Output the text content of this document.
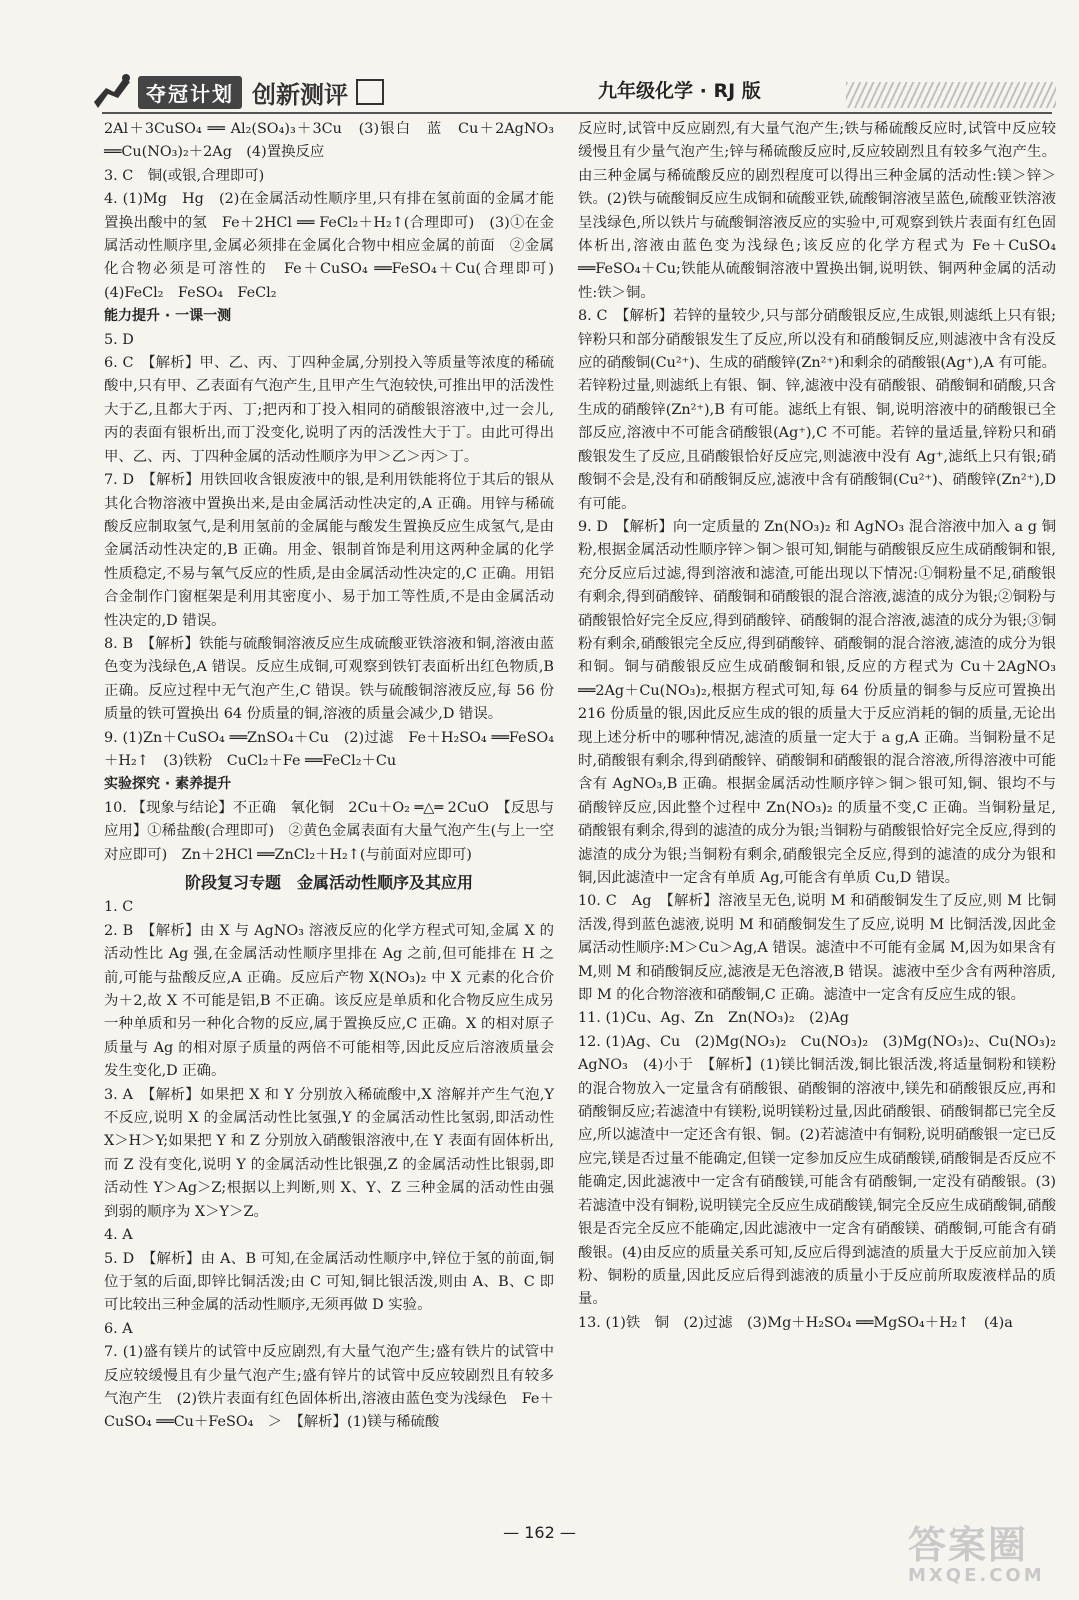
夺冠计划 创新测评	九年级化学 · RJ 版
2Al＋3CuSO₄ ══ Al₂(SO₄)₃＋3Cu　(3)银白　蓝　Cu＋2AgNO₃ ══Cu(NO₃)₂＋2Ag　(4)置换反应
3. C　铜(或银,合理即可)
4. (1)Mg　Hg　(2)在金属活动性顺序里,只有排在氢前面的金属才能置换出酸中的氢　Fe＋2HCl ══ FeCl₂＋H₂↑(合理即可)　(3)①在金属活动性顺序里,金属必须排在金属化合物中相应金属的前面　②金属化合物必须是可溶性的　Fe＋CuSO₄ ══FeSO₄＋Cu(合理即可)　(4)FeCl₂　FeSO₄　FeCl₂
能力提升 · 一课一测
5. D
6. C　【解析】甲、乙、丙、丁四种金属,分别投入等质量等浓度的稀硫酸中,只有甲、乙表面有气泡产生,且甲产生气泡较快,可推出甲的活泼性大于乙,且都大于丙、丁;把丙和丁投入相同的硝酸银溶液中,过一会儿,丙的表面有银析出,而丁没变化,说明了丙的活泼性大于丁。由此可得出甲、乙、丙、丁四种金属的活动性顺序为甲＞乙＞丙＞丁。
7. D　【解析】用铁回收含银废液中的银,是利用铁能将位于其后的银从其化合物溶液中置换出来,是由金属活动性决定的,A 正确。用锌与稀硫酸反应制取氢气,是利用氢前的金属能与酸发生置换反应生成氢气,是由金属活动性决定的,B 正确。用金、银制首饰是利用这两种金属的化学性质稳定,不易与氧气反应的性质,是由金属活动性决定的,C 正确。用铝合金制作门窗框架是利用其密度小、易于加工等性质,不是由金属活动性决定的,D 错误。
8. B　【解析】铁能与硫酸铜溶液反应生成硫酸亚铁溶液和铜,溶液由蓝色变为浅绿色,A 错误。反应生成铜,可观察到铁钉表面析出红色物质,B 正确。反应过程中无气泡产生,C 错误。铁与硫酸铜溶液反应,每 56 份质量的铁可置换出 64 份质量的铜,溶液的质量会减少,D 错误。
9. (1)Zn＋CuSO₄ ══ZnSO₄＋Cu　(2)过滤　Fe＋H₂SO₄ ══FeSO₄＋H₂↑　(3)铁粉　CuCl₂＋Fe ══FeCl₂＋Cu
实验探究 · 素养提升
10. 【现象与结论】不正确　氧化铜　2Cu＋O₂ ═△═ 2CuO　【反思与应用】①稀盐酸(合理即可)　②黄色金属表面有大量气泡产生(与上一空对应即可)　Zn＋2HCl ══ZnCl₂＋H₂↑(与前面对应即可)
阶段复习专题　金属活动性顺序及其应用
1. C
2. B　【解析】由 X 与 AgNO₃ 溶液反应的化学方程式可知,金属 X 的活动性比 Ag 强,在金属活动性顺序里排在 Ag 之前,但可能排在 H 之前,可能与盐酸反应,A 正确。反应后产物 X(NO₃)₂ 中 X 元素的化合价为＋2,故 X 不可能是铝,B 不正确。该反应是单质和化合物反应生成另一种单质和另一种化合物的反应,属于置换反应,C 正确。X 的相对原子质量与 Ag 的相对原子质量的两倍不可能相等,因此反应后溶液质量会发生变化,D 正确。
3. A　【解析】如果把 X 和 Y 分别放入稀硫酸中,X 溶解并产生气泡,Y 不反应,说明 X 的金属活动性比氢强,Y 的金属活动性比氢弱,即活动性 X＞H＞Y;如果把 Y 和 Z 分别放入硝酸银溶液中,在 Y 表面有固体析出,而 Z 没有变化,说明 Y 的金属活动性比银强,Z 的金属活动性比银弱,即活动性 Y＞Ag＞Z;根据以上判断,则 X、Y、Z 三种金属的活动性由强到弱的顺序为 X＞Y＞Z。
4. A
5. D　【解析】由 A、B 可知,在金属活动性顺序中,锌位于氢的前面,铜位于氢的后面,即锌比铜活泼;由 C 可知,铜比银活泼,则由 A、B、C 即可比较出三种金属的活动性顺序,无须再做 D 实验。
6. A
7. (1)盛有镁片的试管中反应剧烈,有大量气泡产生;盛有铁片的试管中反应较缓慢且有少量气泡产生;盛有锌片的试管中反应较剧烈且有较多气泡产生　(2)铁片表面有红色固体析出,溶液由蓝色变为浅绿色　Fe＋CuSO₄ ══Cu＋FeSO₄　＞　【解析】(1)镁与稀硫酸
反应时,试管中反应剧烈,有大量气泡产生;铁与稀硫酸反应时,试管中反应较缓慢且有少量气泡产生;锌与稀硫酸反应时,反应较剧烈且有较多气泡产生。由三种金属与稀硫酸反应的剧烈程度可以得出三种金属的活动性:镁＞锌＞铁。(2)铁与硫酸铜反应生成铜和硫酸亚铁,硫酸铜溶液呈蓝色,硫酸亚铁溶液呈浅绿色,所以铁片与硫酸铜溶液反应的实验中,可观察到铁片表面有红色固体析出,溶液由蓝色变为浅绿色;该反应的化学方程式为 Fe＋CuSO₄ ══FeSO₄＋Cu;铁能从硫酸铜溶液中置换出铜,说明铁、铜两种金属的活动性:铁＞铜。
8. C　【解析】若锌的量较少,只与部分硝酸银反应,生成银,则滤纸上只有银;锌粉只和部分硝酸银发生了反应,所以没有和硝酸铜反应,则滤液中含有没反应的硝酸铜(Cu²⁺)、生成的硝酸锌(Zn²⁺)和剩余的硝酸银(Ag⁺),A 有可能。若锌粉过量,则滤纸上有银、铜、锌,滤液中没有硝酸银、硝酸铜和硝酸,只含生成的硝酸锌(Zn²⁺),B 有可能。滤纸上有银、铜,说明溶液中的硝酸银已全部反应,溶液中不可能含硝酸银(Ag⁺),C 不可能。若锌的量适量,锌粉只和硝酸银发生了反应,且硝酸银恰好反应完,则滤液中没有 Ag⁺,滤纸上只有银;硝酸铜不会是,没有和硝酸铜反应,滤液中含有硝酸铜(Cu²⁺)、硝酸锌(Zn²⁺),D 有可能。
9. D　【解析】向一定质量的 Zn(NO₃)₂ 和 AgNO₃ 混合溶液中加入 a g 铜粉,根据金属活动性顺序锌＞铜＞银可知,铜能与硝酸银反应生成硝酸铜和银,充分反应后过滤,得到溶液和滤渣,可能出现以下情况:①铜粉量不足,硝酸银有剩余,得到硝酸锌、硝酸铜和硝酸银的混合溶液,滤渣的成分为银;②铜粉与硝酸银恰好完全反应,得到硝酸锌、硝酸铜的混合溶液,滤渣的成分为银;③铜粉有剩余,硝酸银完全反应,得到硝酸锌、硝酸铜的混合溶液,滤渣的成分为银和铜。铜与硝酸银反应生成硝酸铜和银,反应的方程式为 Cu＋2AgNO₃ ══2Ag＋Cu(NO₃)₂,根据方程式可知,每 64 份质量的铜参与反应可置换出 216 份质量的银,因此反应生成的银的质量大于反应消耗的铜的质量,无论出现上述分析中的哪种情况,滤渣的质量一定大于 a g,A 正确。当铜粉量不足时,硝酸银有剩余,得到硝酸锌、硝酸铜和硝酸银的混合溶液,所得溶液中可能含有 AgNO₃,B 正确。根据金属活动性顺序锌＞铜＞银可知,铜、银均不与硝酸锌反应,因此整个过程中 Zn(NO₃)₂ 的质量不变,C 正确。当铜粉量足,硝酸银有剩余,得到的滤渣的成分为银;当铜粉与硝酸银恰好完全反应,得到的滤渣的成分为银;当铜粉有剩余,硝酸银完全反应,得到的滤渣的成分为银和铜,因此滤渣中一定含有单质 Ag,可能含有单质 Cu,D 错误。
10. C　Ag　【解析】溶液呈无色,说明 M 和硝酸铜发生了反应,则 M 比铜活泼,得到蓝色滤液,说明 M 和硝酸铜发生了反应,说明 M 比铜活泼,因此金属活动性顺序:M＞Cu＞Ag,A 错误。滤渣中不可能有金属 M,因为如果含有 M,则 M 和硝酸铜反应,滤液是无色溶液,B 错误。滤液中至少含有两种溶质,即 M 的化合物溶液和硝酸铜,C 正确。滤渣中一定含有反应生成的银。
11. (1)Cu、Ag、Zn　Zn(NO₃)₂　(2)Ag
12. (1)Ag、Cu　(2)Mg(NO₃)₂　Cu(NO₃)₂　(3)Mg(NO₃)₂、Cu(NO₃)₂　AgNO₃　(4)小于　【解析】(1)镁比铜活泼,铜比银活泼,将适量铜粉和镁粉的混合物放入一定量含有硝酸银、硝酸铜的溶液中,镁先和硝酸银反应,再和硝酸铜反应;若滤渣中有镁粉,说明镁粉过量,因此硝酸银、硝酸铜都已完全反应,所以滤渣中一定还含有银、铜。(2)若滤渣中有铜粉,说明硝酸银一定已反应完,镁是否过量不能确定,但镁一定参加反应生成硝酸镁,硝酸铜是否反应不能确定,因此滤液中一定含有硝酸镁,可能含有硝酸铜,一定没有硝酸银。(3)若滤渣中没有铜粉,说明镁完全反应生成硝酸镁,铜完全反应生成硝酸铜,硝酸银是否完全反应不能确定,因此滤液中一定含有硝酸镁、硝酸铜,可能含有硝酸银。(4)由反应的质量关系可知,反应后得到滤渣的质量大于反应前加入镁粉、铜粉的质量,因此反应后得到滤液的质量小于反应前所取废液样品的质量。
13. (1)铁　铜　(2)过滤　(3)Mg＋H₂SO₄ ══MgSO₄＋H₂↑　(4)a
— 162 —	答案圈
MXQE.COM
